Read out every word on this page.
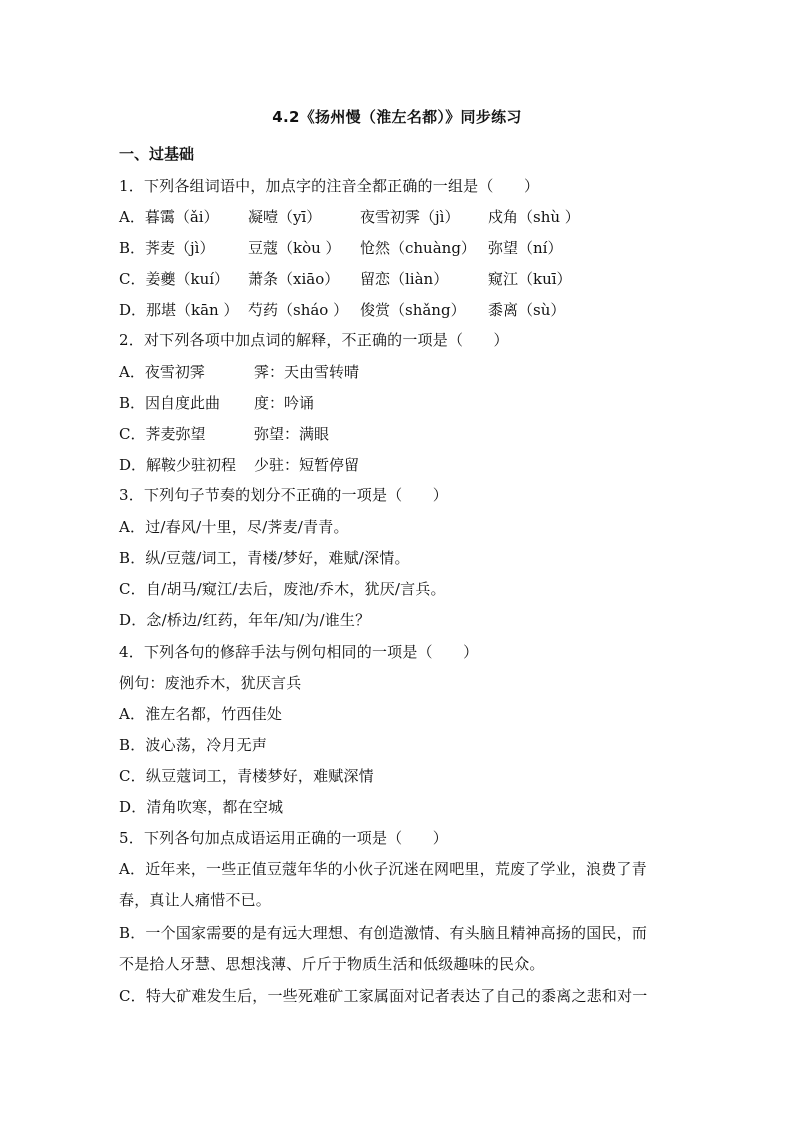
4.2《扬州慢（淮左名都）》同步练习
一、过基础
1．下列各组词语中，加点字的注音全都正确的一组是（　　）
A．暮霭（ǎi） 凝噎（yī）	夜雪初霁（jì） 戍角（shù ）
B．荠麦（jì） 豆蔻（kòu ） 怆然（chuàng） 弥望（ní）
C．姜夔（kuí） 萧条（xiāo） 留恋（liàn）	窥江（kuī）
D．那堪（kān ） 芍药（sháo ） 俊赏（shǎng） 黍离（sù）
2．对下列各项中加点词的解释，不正确的一项是（　　）
A．夜雪初霁	霁：天由雪转晴
B．因自度此曲 度：吟诵
C．荠麦弥望	弥望：满眼
D．解鞍少驻初程 少驻：短暂停留
3．下列句子节奏的划分不正确的一项是（　　）
A．过/春风/十里，尽/荠麦/青青。
B．纵/豆蔻/词工，青楼/梦好，难赋/深情。
C．自/胡马/窥江/去后，废池/乔木，犹厌/言兵。
D．念/桥边/红药，年年/知/为/谁生？
4．下列各句的修辞手法与例句相同的一项是（　　）
例句：废池乔木，犹厌言兵
A．淮左名都，竹西佳处
B．波心荡，冷月无声
C．纵豆蔻词工，青楼梦好，难赋深情
D．清角吹寒，都在空城
5．下列各句加点成语运用正确的一项是（　　）
A．近年来，一些正值豆蔻年华的小伙子沉迷在网吧里，荒废了学业，浪费了青
春，真让人痛惜不已。
B．一个国家需要的是有远大理想、有创造激情、有头脑且精神高扬的国民，而
不是拾人牙慧、思想浅薄、斤斤于物质生活和低级趣味的民众。
C．特大矿难发生后，一些死难矿工家属面对记者表达了自己的黍离之悲和对一
